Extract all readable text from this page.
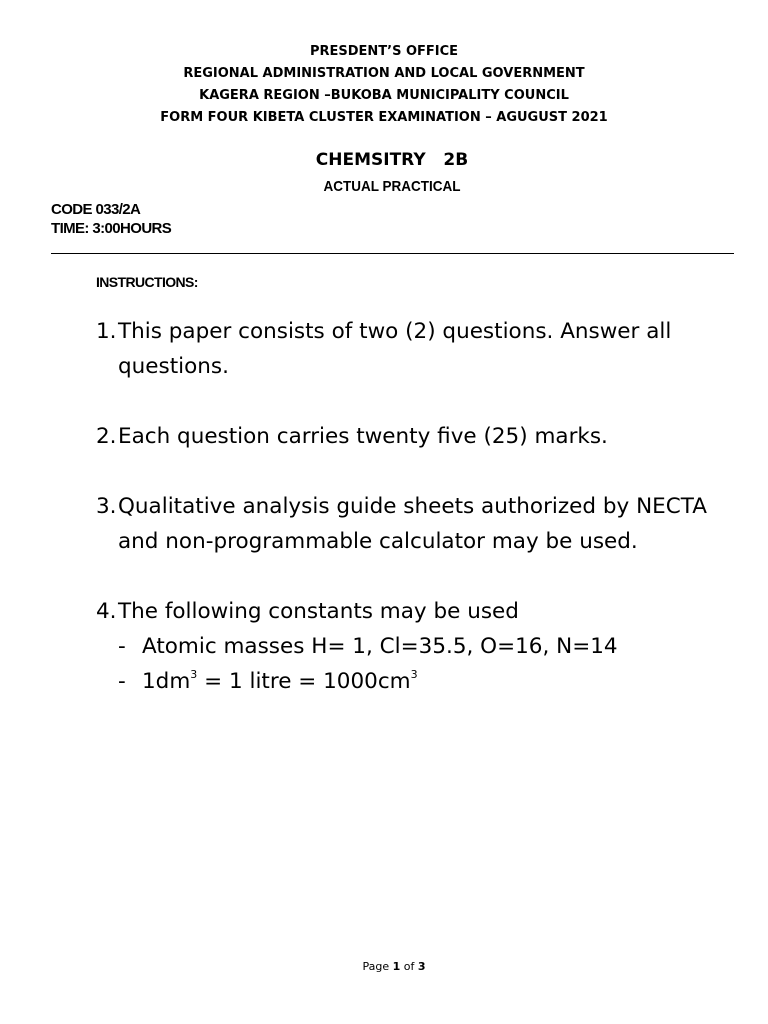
PRESDENT’S OFFICE
REGIONAL ADMINISTRATION AND LOCAL GOVERNMENT
KAGERA REGION –BUKOBA MUNICIPALITY COUNCIL
FORM FOUR KIBETA CLUSTER EXAMINATION – AGUGUST 2021
CHEMSITRY   2B
ACTUAL PRACTICAL
CODE 033/2A
TIME: 3:00HOURS
INSTRUCTIONS:
1. This paper consists of two (2) questions. Answer all questions.
2. Each question carries twenty five (25) marks.
3. Qualitative analysis guide sheets authorized by NECTA and non-programmable calculator may be used.
4. The following constants may be used
- Atomic masses H= 1, Cl=35.5, O=16, N=14
- $1dm^3 = 1$ litre = $1000cm^3$
Page 1 of 3
